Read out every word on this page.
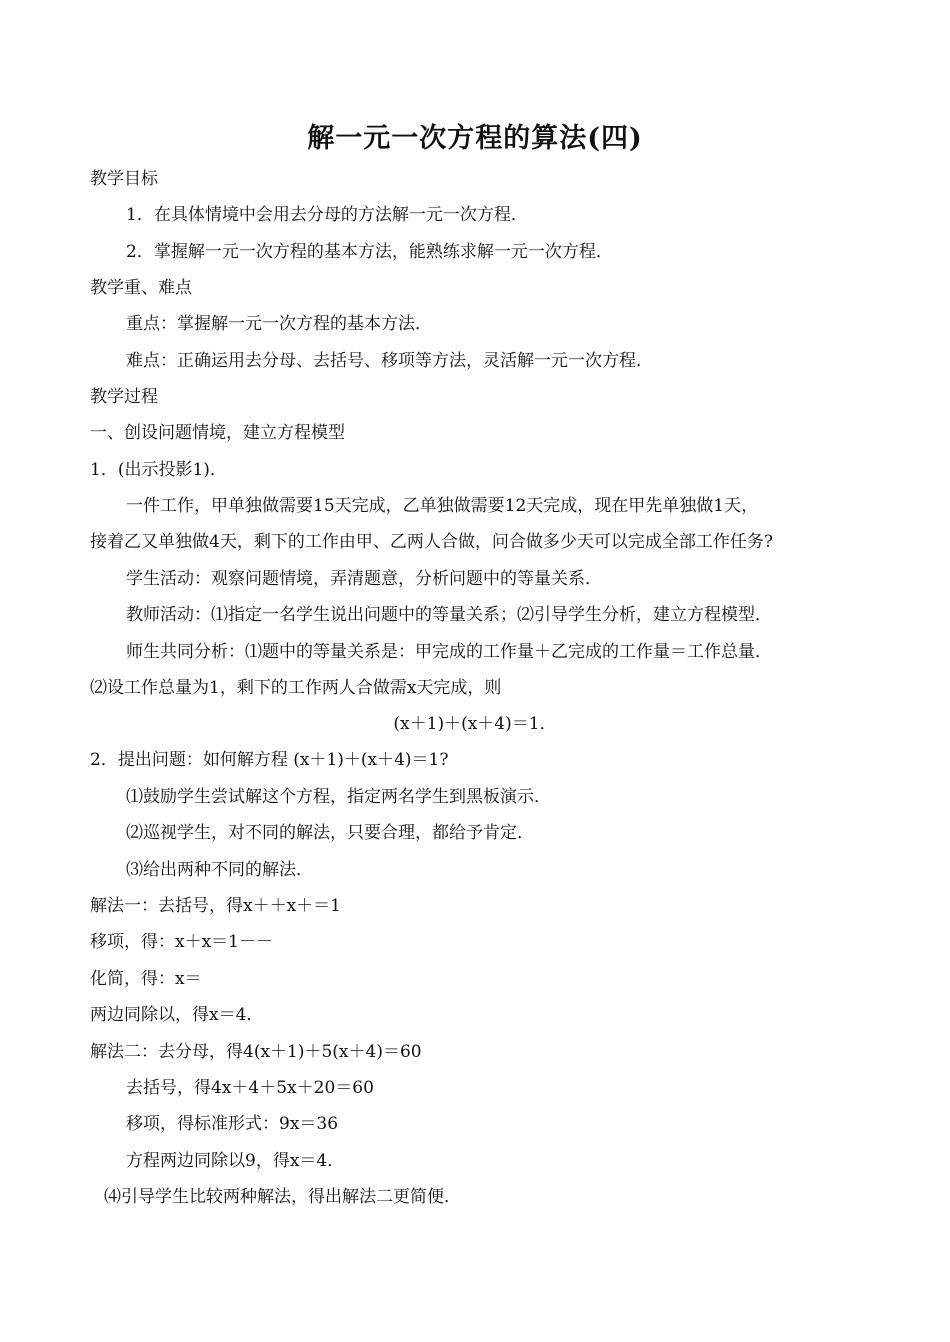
解一元一次方程的算法(四)
教学目标
1．在具体情境中会用去分母的方法解一元一次方程．
2．掌握解一元一次方程的基本方法，能熟练求解一元一次方程．
教学重、难点
重点：掌握解一元一次方程的基本方法．
难点：正确运用去分母、去括号、移项等方法，灵活解一元一次方程．
教学过程
一、创设问题情境，建立方程模型
1．(出示投影1)．
一件工作，甲单独做需要15天完成，乙单独做需要12天完成，现在甲先单独做1天，
接着乙又单独做4天，剩下的工作由甲、乙两人合做，问合做多少天可以完成全部工作任务?
学生活动：观察问题情境，弄清题意，分析问题中的等量关系．
教师活动：⑴指定一名学生说出问题中的等量关系；⑵引导学生分析，建立方程模型．
师生共同分析：⑴题中的等量关系是：甲完成的工作量＋乙完成的工作量＝工作总量．
⑵设工作总量为1，剩下的工作两人合做需x天完成，则
(x＋1)＋(x＋4)＝1．
2．提出问题：如何解方程 (x＋1)＋(x＋4)＝1?
⑴鼓励学生尝试解这个方程，指定两名学生到黑板演示．
⑵巡视学生，对不同的解法，只要合理，都给予肯定．
⑶给出两种不同的解法．
解法一：去括号，得x＋＋x＋＝1
移项，得：x＋x＝1－－
化简，得：x＝
两边同除以，得x＝4．
解法二：去分母，得4(x＋1)＋5(x＋4)＝60
去括号，得4x＋4＋5x＋20＝60
移项，得标准形式：9x＝36
方程两边同除以9，得x＝4．
⑷引导学生比较两种解法，得出解法二更简便．
